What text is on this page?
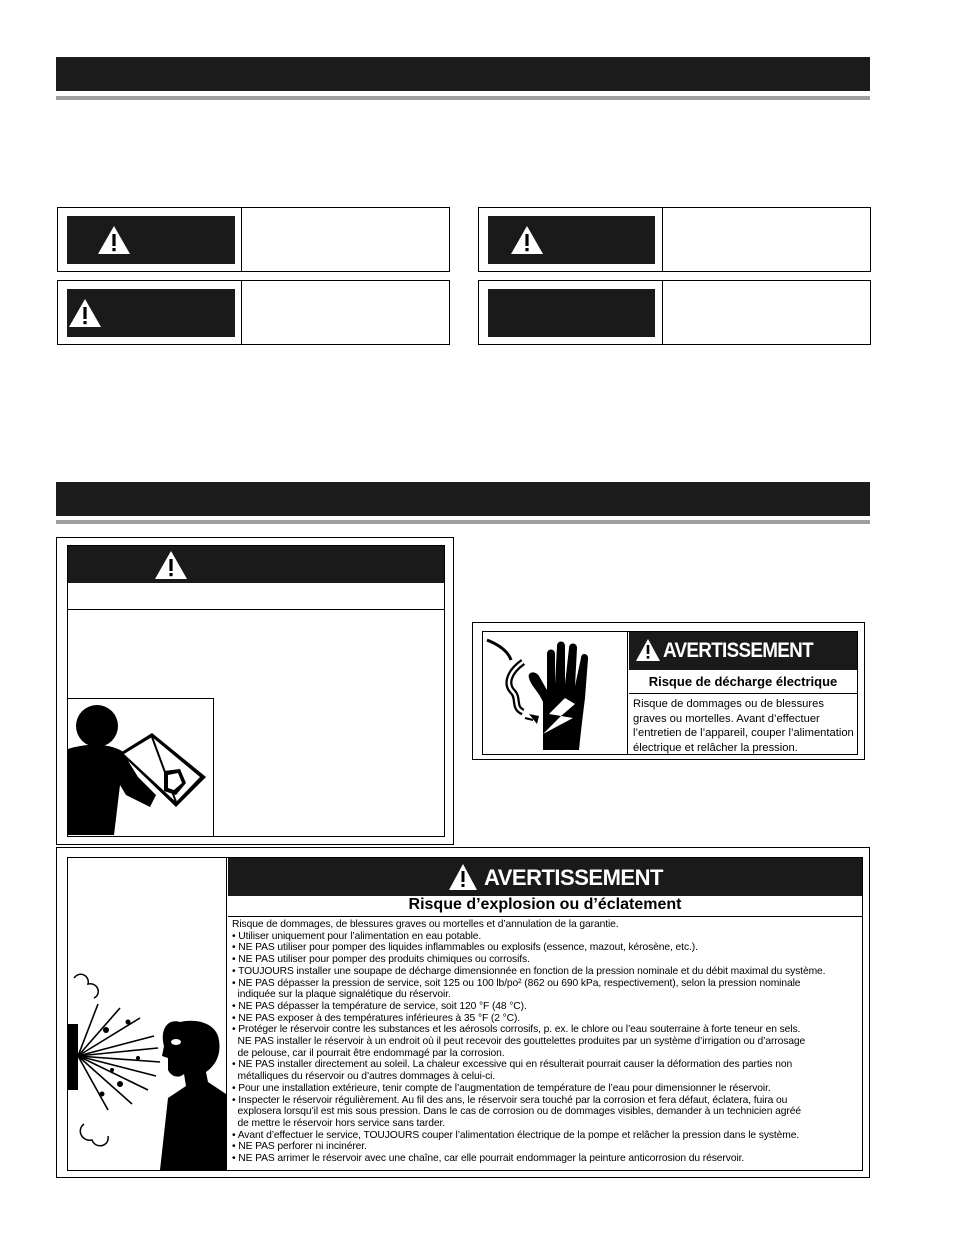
AVERTISSEMENT
Risque de décharge électrique
Risque de dommages ou de blessures
graves ou mortelles. Avant d’effectuer
l’entretien de l’appareil, couper l’alimentation
électrique et relâcher la pression.
AVERTISSEMENT
Risque d’explosion ou d’éclatement
Risque de dommages, de blessures graves ou mortelles et d’annulation de la garantie.
• Utiliser uniquement pour l’alimentation en eau potable.
• NE PAS utiliser pour pomper des liquides inflammables ou explosifs (essence, mazout, kérosène, etc.).
• NE PAS utiliser pour pomper des produits chimiques ou corrosifs.
• TOUJOURS installer une soupape de décharge dimensionnée en fonction de la pression nominale et du débit maximal du système.
• NE PAS dépasser la pression de service, soit 125 ou 100 lb/po² (862 ou 690 kPa, respectivement), selon la pression nominale
indiquée sur la plaque signalétique du réservoir.
• NE PAS dépasser la température de service, soit 120 °F (48 °C).
• NE PAS exposer à des températures inférieures à 35 °F (2 °C).
• Protéger le réservoir contre les substances et les aérosols corrosifs, p. ex. le chlore ou l’eau souterraine à forte teneur en sels.
NE PAS installer le réservoir à un endroit où il peut recevoir des gouttelettes produites par un système d’irrigation ou d’arrosage
de pelouse, car il pourrait être endommagé par la corrosion.
• NE PAS installer directement au soleil. La chaleur excessive qui en résulterait pourrait causer la déformation des parties non
métalliques du réservoir ou d’autres dommages à celui-ci.
• Pour une installation extérieure, tenir compte de l’augmentation de température de l’eau pour dimensionner le réservoir.
• Inspecter le réservoir régulièrement. Au fil des ans, le réservoir sera touché par la corrosion et fera défaut, éclatera, fuira ou
explosera lorsqu’il est mis sous pression. Dans le cas de corrosion ou de dommages visibles, demander à un technicien agréé
de mettre le réservoir hors service sans tarder.
• Avant d’effectuer le service, TOUJOURS couper l’alimentation électrique de la pompe et relâcher la pression dans le système.
• NE PAS perforer ni incinérer.
• NE PAS arrimer le réservoir avec une chaîne, car elle pourrait endommager la peinture anticorrosion du réservoir.
